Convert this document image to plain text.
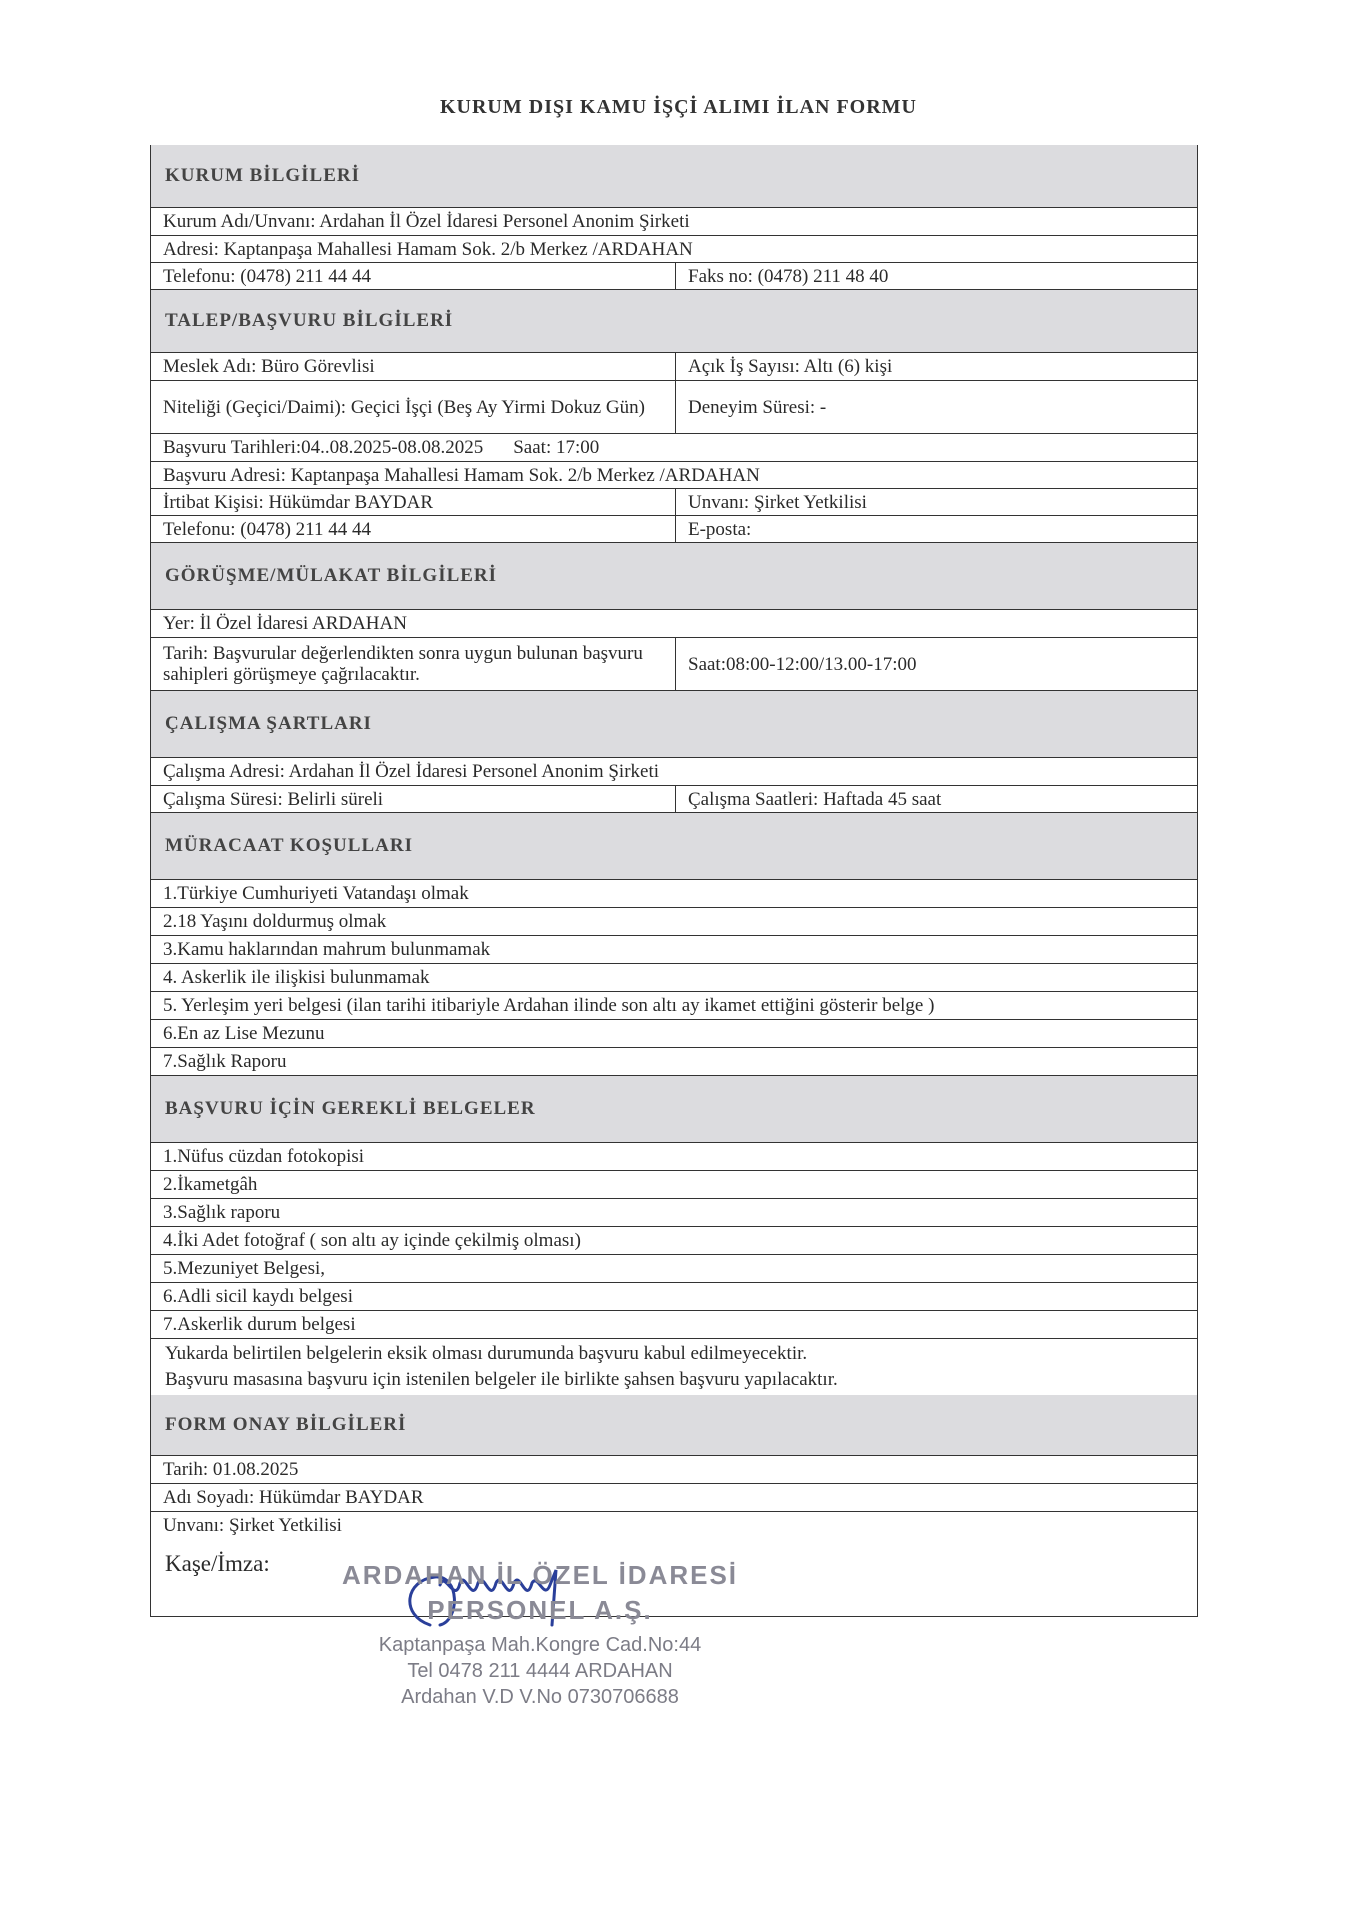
KURUM DIŞI KAMU İŞÇİ ALIMI İLAN FORMU
KURUM BİLGİLERİ
Kurum Adı/Unvanı: Ardahan İl Özel İdaresi Personel Anonim Şirketi
Adresi: Kaptanpaşa Mahallesi Hamam Sok. 2/b Merkez /ARDAHAN
Telefonu: (0478) 211 44 44	Faks no: (0478) 211 48 40
TALEP/BAŞVURU BİLGİLERİ
Meslek Adı: Büro Görevlisi	Açık İş Sayısı: Altı (6) kişi
Niteliği (Geçici/Daimi): Geçici İşçi (Beş Ay Yirmi Dokuz Gün)	Deneyim Süresi: -
Başvuru Tarihleri:04..08.2025-08.08.2025 Saat: 17:00
Başvuru Adresi: Kaptanpaşa Mahallesi Hamam Sok. 2/b Merkez /ARDAHAN
İrtibat Kişisi: Hükümdar BAYDAR	Unvanı: Şirket Yetkilisi
Telefonu: (0478) 211 44 44	E-posta:
GÖRÜŞME/MÜLAKAT BİLGİLERİ
Yer: İl Özel İdaresi ARDAHAN
Tarih: Başvurular değerlendikten sonra uygun bulunan başvuru sahipleri görüşmeye çağrılacaktır.	Saat:08:00-12:00/13.00-17:00
ÇALIŞMA ŞARTLARI
Çalışma Adresi: Ardahan İl Özel İdaresi Personel Anonim Şirketi
Çalışma Süresi: Belirli süreli	Çalışma Saatleri: Haftada 45 saat
MÜRACAAT KOŞULLARI
1.Türkiye Cumhuriyeti Vatandaşı olmak
2.18 Yaşını doldurmuş olmak
3.Kamu haklarından mahrum bulunmamak
4. Askerlik ile ilişkisi bulunmamak
5. Yerleşim yeri belgesi (ilan tarihi itibariyle Ardahan ilinde son altı ay ikamet ettiğini gösterir belge )
6.En az Lise Mezunu
7.Sağlık Raporu
BAŞVURU İÇİN GEREKLİ BELGELER
1.Nüfus cüzdan fotokopisi
2.İkametgâh
3.Sağlık raporu
4.İki Adet fotoğraf ( son altı ay içinde çekilmiş olması)
5.Mezuniyet Belgesi,
6.Adli sicil kaydı belgesi
7.Askerlik durum belgesi
Yukarda belirtilen belgelerin eksik olması durumunda başvuru kabul edilmeyecektir.
Başvuru masasına başvuru için istenilen belgeler ile birlikte şahsen başvuru yapılacaktır.
FORM ONAY BİLGİLERİ
Tarih: 01.08.2025
Adı Soyadı: Hükümdar BAYDAR
Unvanı: Şirket Yetkilisi
Kaşe/İmza:	ARDAHAN İL ÖZEL İDARESİ
PERSONEL A.Ş.
Kaptanpaşa Mah.Kongre Cad.No:44
Tel 0478 211 4444 ARDAHAN
Ardahan V.D V.No 0730706688
